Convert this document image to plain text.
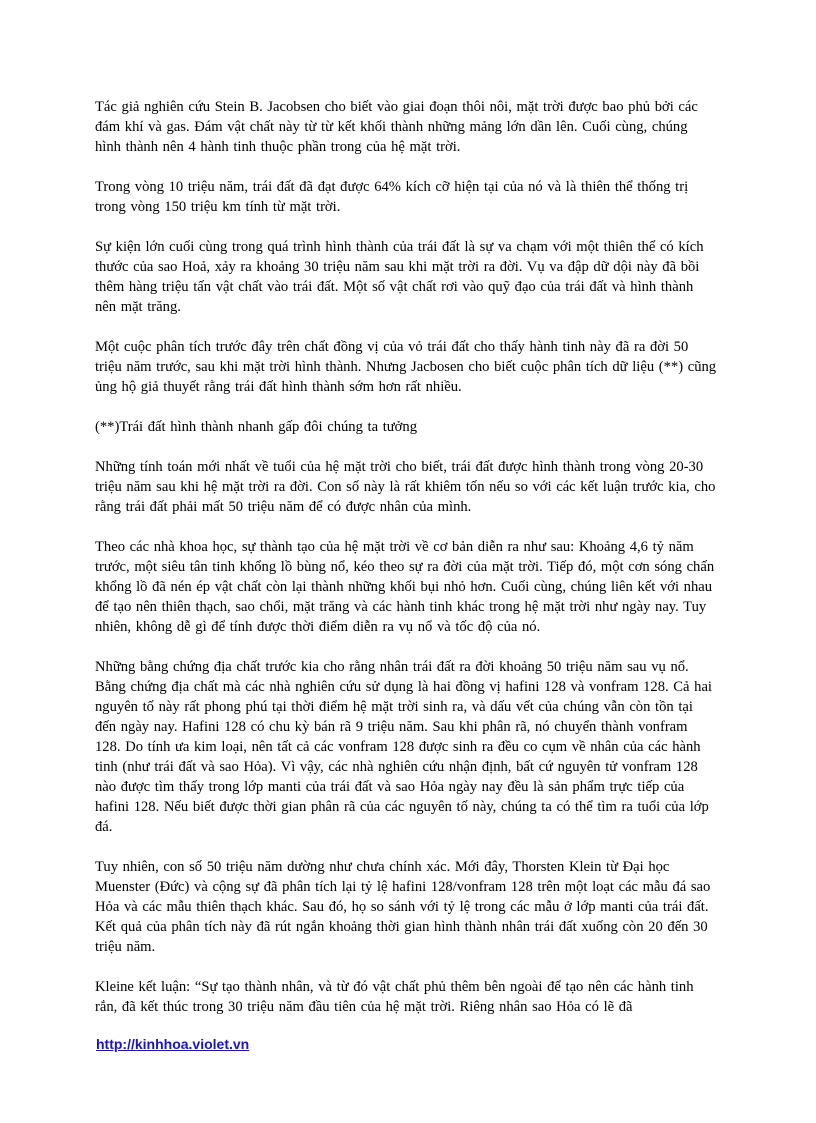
Tác giả nghiên cứu Stein B. Jacobsen cho biết vào giai đoạn thôi nôi, mặt trời được bao phủ bởi các đám khí và gas. Đám vật chất này từ từ kết khối thành những mảng lớn dần lên. Cuối cùng, chúng hình thành nên 4 hành tinh thuộc phần trong của hệ mặt trời.

Trong vòng 10 triệu năm, trái đất đã đạt được 64% kích cỡ hiện tại của nó và là thiên thể thống trị trong vòng 150 triệu km tính từ mặt trời.

Sự kiện lớn cuối cùng trong quá trình hình thành của trái đất là sự va chạm với một thiên thể có kích thước của sao Hoả, xảy ra khoảng 30 triệu năm sau khi mặt trời ra đời. Vụ va đập dữ dội này đã bồi thêm hàng triệu tấn vật chất vào trái đất. Một số vật chất rơi vào quỹ đạo của trái đất và hình thành nên mặt trăng.

Một cuộc phân tích trước đây trên chất đồng vị của vỏ trái đất cho thấy hành tinh này đã ra đời 50 triệu năm trước, sau khi mặt trời hình thành. Nhưng Jacbosen cho biết cuộc phân tích dữ liệu (**) cũng ủng hộ giả thuyết rằng trái đất hình thành sớm hơn rất nhiều.

(**)Trái đất hình thành nhanh gấp đôi chúng ta tưởng

Những tính toán mới nhất về tuổi của hệ mặt trời cho biết, trái đất được hình thành trong vòng 20-30 triệu năm sau khi hệ mặt trời ra đời. Con số này là rất khiêm tốn nếu so với các kết luận trước kia, cho rằng trái đất phải mất 50 triệu năm để có được nhân của mình.

Theo các nhà khoa học, sự thành tạo của hệ mặt trời về cơ bản diễn ra như sau: Khoảng 4,6 tỷ năm trước, một siêu tân tinh khổng lồ bùng nổ, kéo theo sự ra đời của mặt trời. Tiếp đó, một cơn sóng chấn khổng lồ đã nén ép vật chất còn lại thành những khối bụi nhỏ hơn. Cuối cùng, chúng liên kết với nhau để tạo nên thiên thạch, sao chổi, mặt trăng và các hành tinh khác trong hệ mặt trời như ngày nay. Tuy nhiên, không dễ gì để tính được thời điểm diễn ra vụ nổ và tốc độ của nó.

Những bằng chứng địa chất trước kia cho rằng nhân trái đất ra đời khoảng 50 triệu năm sau vụ nổ. Bằng chứng địa chất mà các nhà nghiên cứu sử dụng là hai đồng vị hafini 128 và vonfram 128. Cả hai nguyên tố này rất phong phú tại thời điểm hệ mặt trời sinh ra, và dấu vết của chúng vẫn còn tồn tại đến ngày nay. Hafini 128 có chu kỳ bán rã 9 triệu năm. Sau khi phân rã, nó chuyển thành vonfram 128. Do tính ưa kim loại, nên tất cả các vonfram 128 được sinh ra đều co cụm về nhân của các hành tinh (như trái đất và sao Hỏa). Vì vậy, các nhà nghiên cứu nhận định, bất cứ nguyên tử vonfram 128 nào được tìm thấy trong lớp manti của trái đất và sao Hỏa ngày nay đều là sản phẩm trực tiếp của hafini 128. Nếu biết được thời gian phân rã của các nguyên tố này, chúng ta có thể tìm ra tuổi của lớp đá.

Tuy nhiên, con số 50 triệu năm dường như chưa chính xác. Mới đây, Thorsten Klein từ Đại học Muenster (Đức) và cộng sự đã phân tích lại tỷ lệ hafini 128/vonfram 128 trên một loạt các mẫu đá sao Hỏa và các mẫu thiên thạch khác. Sau đó, họ so sánh với tỷ lệ trong các mẫu ở lớp manti của trái đất. Kết quả của phân tích này đã rút ngắn khoảng thời gian hình thành nhân trái đất xuống còn 20 đến 30 triệu năm.

Kleine kết luận: “Sự tạo thành nhân, và từ đó vật chất phủ thêm bên ngoài để tạo nên các hành tinh rắn, đã kết thúc trong 30 triệu năm đầu tiên của hệ mặt trời. Riêng nhân sao Hỏa có lẽ đã

http://kinhhoa.violet.vn
